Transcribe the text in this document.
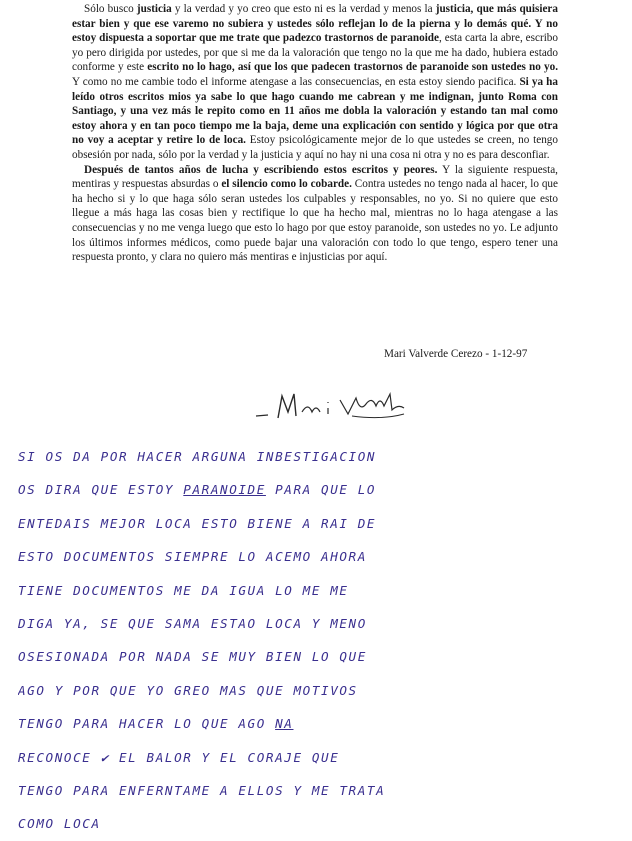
Sólo busco justicia y la verdad y yo creo que esto ni es la verdad y menos la justicia, que más quisiera estar bien y que ese varemo no subiera y ustedes sólo reflejan lo de la pierna y lo demás qué. Y no estoy dispuesta a soportar que me trate que padezco trastornos de paranoide, esta carta la abre, escribo yo pero dirigida por ustedes, por que si me da la valoración que tengo no la que me ha dado, hubiera estado conforme y este escrito no lo hago, así que los que padecen trastornos de paranoide son ustedes no yo. Y como no me cambie todo el informe atengase a las consecuencias, en esta estoy siendo pacifica. Si ya ha leído otros escritos mios ya sabe lo que hago cuando me cabrean y me indignan, junto Roma con Santiago, y una vez más le repito como en 11 años me dobla la valoración y estando tan mal como estoy ahora y en tan poco tiempo me la baja, deme una explicación con sentido y lógica por que otra no voy a aceptar y retire lo de loca. Estoy psicológicamente mejor de lo que ustedes se creen, no tengo obsesión por nada, sólo por la verdad y la justicia y aquí no hay ni una cosa ni otra y no es para desconfiar.

Después de tantos años de lucha y escribiendo estos escritos y peores. Y la siguiente respuesta, mentiras y respuestas absurdas o el silencio como lo cobarde. Contra ustedes no tengo nada al hacer, lo que ha hecho si y lo que haga sólo seran ustedes los culpables y responsables, no yo. Si no quiere que esto llegue a más haga las cosas bien y rectifique lo que ha hecho mal, mientras no lo haga atengase a las consecuencias y no me venga luego que esto lo hago por que estoy paranoide, son ustedes no yo. Le adjunto los últimos informes médicos, como puede bajar una valoración con todo lo que tengo, espero tener una respuesta pronto, y clara no quiero más mentiras e injusticias por aquí.

Mari Valverde Cerezo - 1-12-97
SI OS DA POR HACER ARGUNA INBESTIGACION
OS DIRA QUE ESTOY PARANOIDE PARA QUE LO
ENTEDAIS MEJOR LOCA ESTO BIENE A RAI DE
ESTO DOCUMENTOS SIEMPRE LO ACEMO AHORA
TIENE DOCUMENTOS ME DA IGUA LO ME ME
DIGA YA, SE QUE SAMA ESTAO LOCA Y MENO
OSESIONADA POR NADA SE MUY BIEN LO QUE
AGO Y POR QUE YO GREO MAS QUE MOTIVOS
TENGO PARA HACER LO QUE AGO NA
RECONOCE ✔ EL BALOR Y EL CORAJE QUE
TENGO PARA ENFERNTAME A ELLOS Y ME TRATA
COMO LOCA
